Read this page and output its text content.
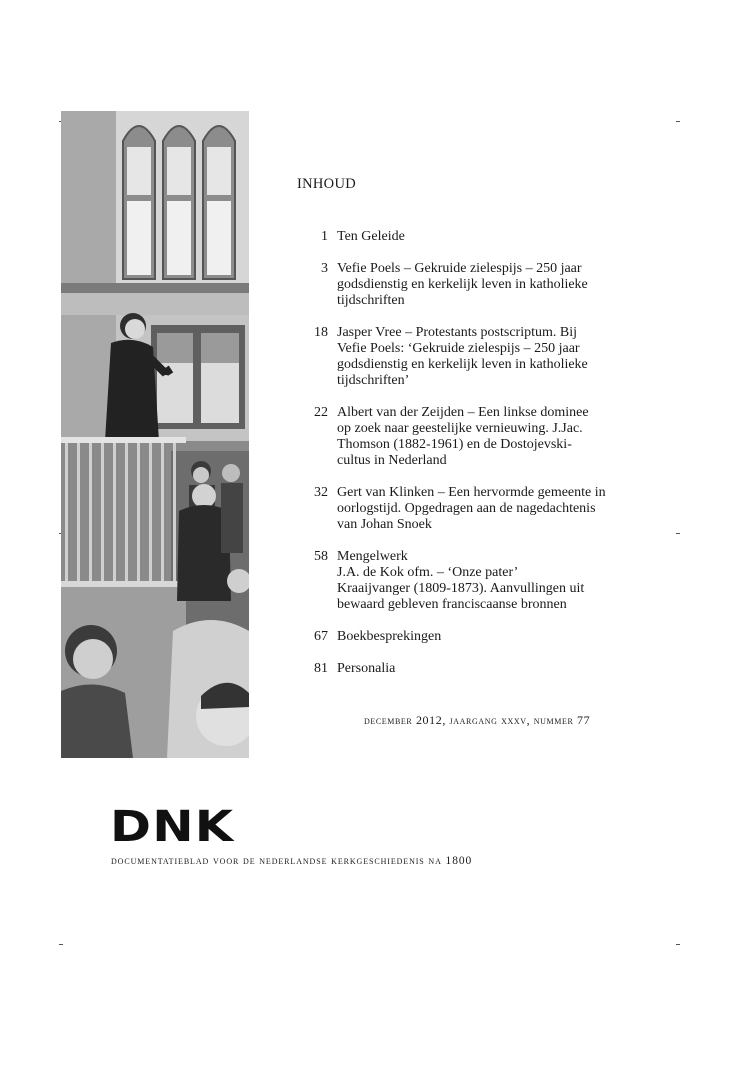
INHOUD
1 Ten Geleide
3 Vefie Poels – Gekruide zielespijs – 250 jaar
godsdienstig en kerkelijk leven in katholieke
tijdschriften
18 Jasper Vree – Protestants postscriptum. Bij
Vefie Poels: ‘Gekruide zielespijs – 250 jaar
godsdienstig en kerkelijk leven in katholieke
tijdschriften’
22 Albert van der Zeijden – Een linkse dominee
op zoek naar geestelijke vernieuwing. J.Jac.
Thomson (1882-1961) en de Dostojevski-
cultus in Nederland
32 Gert van Klinken – Een hervormde gemeente in
oorlogstijd. Opgedragen aan de nagedachtenis
van Johan Snoek
58 Mengelwerk
J.A. de Kok ofm. – ‘Onze pater’
Kraaijvanger (1809-1873). Aanvullingen uit
bewaard gebleven franciscaanse bronnen
67 Boekbesprekingen
81 Personalia
december 2012, jaargang xxxv, nummer 77
DNK
documentatieblad voor de nederlandse kerkgeschiedenis na 1800
